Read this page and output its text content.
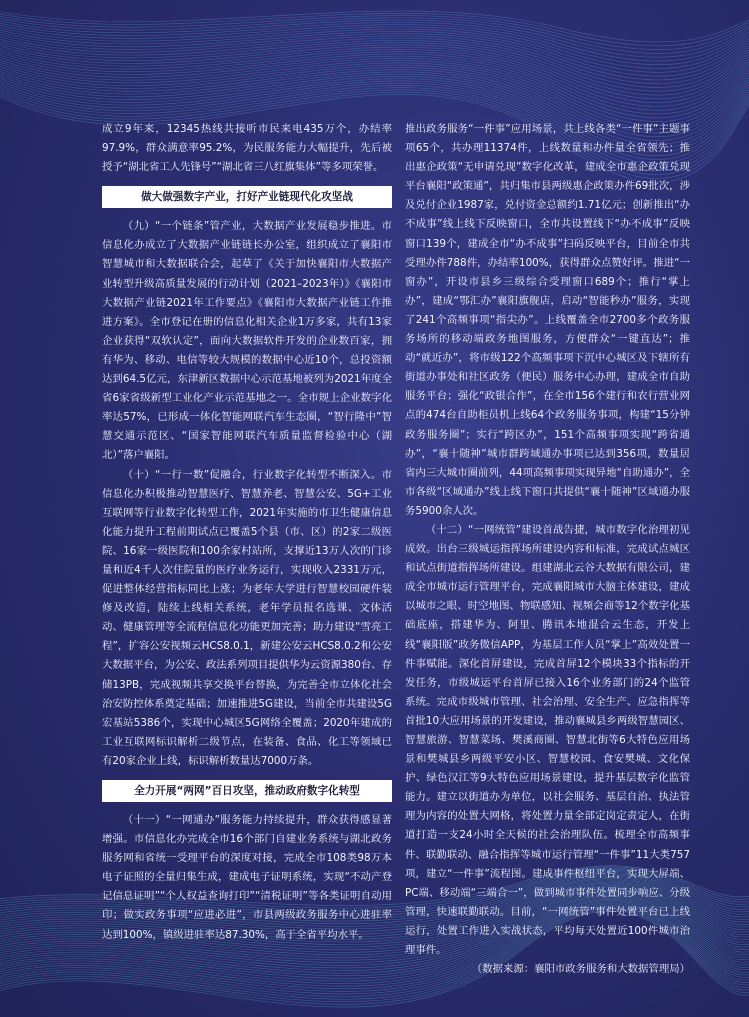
成立9年来，12345热线共接听市民来电435万个，办结率97.9%，群众满意率95.2%，为民服务能力大幅提升，先后被授予“湖北省工人先锋号”“湖北省三八红旗集体”等多项荣誉。

做大做强数字产业，打好产业链现代化攻坚战

（九）“一个链条”管产业，大数据产业发展稳步推进。市信息化办成立了大数据产业链链长办公室，组织成立了襄阳市智慧城市和大数据联合会，起草了《关于加快襄阳市大数据产业转型升级高质量发展的行动计划（2021–2023年）》《襄阳市大数据产业链2021年工作要点》《襄阳市大数据产业链工作推进方案》。全市登记在册的信息化相关企业1万多家，共有13家企业获得“双软认定”，面向大数据软件开发的企业数百家，拥有华为、移动、电信等较大规模的数据中心近10个，总投资额达到64.5亿元，东津新区数据中心示范基地被列为2021年度全省6家省级新型工业化产业示范基地之一。全市规上企业数字化率达57%，已形成一体化智能网联汽车生态圈，“智行隆中”智慧交通示范区、“国家智能网联汽车质量监督检验中心（湖北）”落户襄阳。

（十）“一行一数”促融合，行业数字化转型不断深入。市信息化办积极推动智慧医疗、智慧养老、智慧公安、5G+工业互联网等行业数字化转型工作，2021年实施的市卫生健康信息化能力提升工程前期试点已覆盖5个县（市、区）的2家二级医院、16家一级医院和100余家村站所，支撑近13万人次的门诊量和近4千人次住院量的医疗业务运行，实现收入2331万元，促进整体经营指标同比上涨；为老年大学进行智慧校园硬件装修及改造，陆续上线相关系统，老年学员报名选课、文体活动、健康管理等全流程信息化功能更加完善；助力建设“雪亮工程”，扩容公安视频云HCS8.0.1，新建公安云HCS8.0.2和公安大数据平台，为公安、政法系列项目提供华为云资源380台、存储13PB，完成视频共享交换平台替换，为完善全市立体化社会治安防控体系奠定基础；加速推进5G建设，当前全市共建设5G宏基站5386个，实现中心城区5G网络全覆盖；2020年建成的工业互联网标识解析二级节点，在装备、食品、化工等领域已有20家企业上线，标识解析数量达7000万条。

全力开展“两网”百日攻坚，推动政府数字化转型

（十一）“一网通办”服务能力持续提升，群众获得感显著增强。市信息化办完成全市16个部门自建业务系统与湖北政务服务网和省统一受理平台的深度对接，完成全市108类98万本电子证照的全量归集生成，建成电子证明系统，实现“不动产登记信息证明”“个人权益查询打印”“清税证明”等各类证明自动用印；做实政务事项“应进必进”，市县两级政务服务中心进驻率达到100%，镇级进驻率达87.30%，高于全省平均水平。

推出政务服务“一件事”应用场景，共上线各类“一件事”主题事项65个，共办理11374件，上线数量和办件量全省领先；推出惠企政策“无申请兑现”数字化改革，建成全市惠企政策兑现平台襄阳“政策通”，共归集市县两级惠企政策办件69批次，涉及兑付企业1987家，兑付资金总额约1.71亿元；创新推出“办不成事”线上线下反映窗口，全市共设置线下“办不成事”反映窗口139个，建成全市“办不成事”扫码反映平台，目前全市共受理办件788件，办结率100%，获得群众点赞好评。推进“一窗办”，开设市县乡三级综合受理窗口689个；推行“掌上办”，建成“鄂汇办”襄阳旗舰店，启动“智能秒办”服务，实现了241个高频事项“指尖办”。上线覆盖全市2700多个政务服务场所的移动端政务地图服务，方便群众“一键直达”；推动“就近办”，将市级122个高频事项下沉中心城区及下辖所有街道办事处和社区政务（便民）服务中心办理，建成全市自助服务平台；强化“政银合作”，在全市156个建行和农行营业网点的474台自助柜员机上线64个政务服务事项，构建“15分钟政务服务圈”；实行“跨区办”，151个高频事项实现“跨省通办”，“襄十随神”城市群跨域通办事项已达到356项，数量居省内三大城市圈前列，44项高频事项实现异地“自助通办”，全市各级“区域通办”线上线下窗口共提供“襄十随神”区域通办服务5900余人次。

（十二）“一网统管”建设首战告捷，城市数字化治理初见成效。出台三级城运指挥场所建设内容和标准，完成试点城区和试点街道指挥场所建设。组建湖北云谷大数据有限公司，建成全市城市运行管理平台，完成襄阳城市大脑主体建设，建成以城市之眼、时空地图、物联感知、视频会商等12个数字化基础底座，搭建华为、阿里、腾讯本地混合云生态，开发上线“襄阳版”政务微信APP，为基层工作人员“掌上”高效处置一件事赋能。深化首屏建设，完成首屏12个模块33个指标的开发任务，市级城运平台首屏已接入16个业务部门的24个监管系统。完成市级城市管理、社会治理、安全生产、应急指挥等首批10大应用场景的开发建设，推动襄城县乡两级智慧园区、智慧旅游、智慧菜场、樊溪商圈、智慧北街等6大特色应用场景和樊城县乡两级平安小区、智慧校园、食安樊城、文化保护、绿色汉江等9大特色应用场景建设，提升基层数字化监管能力。建立以街道办为单位，以社会服务、基层自治、执法管理为内容的处置大网格，将处置力量全部定岗定责定人，在街道打造一支24小时全天候的社会治理队伍。梳理全市高频事件、联勤联动、融合指挥等城市运行管理“一件事”11大类757项，建立“一件事”流程图。建成事件枢纽平台，实现大屏端、PC端、移动端“三端合一”，做到城市事件处置同步响应、分级管理，快速联勤联动。目前，“一网统管”事件处置平台已上线运行，处置工作进入实战状态，平均每天处置近100件城市治理事件。

（数据来源：襄阳市政务服务和大数据管理局）
